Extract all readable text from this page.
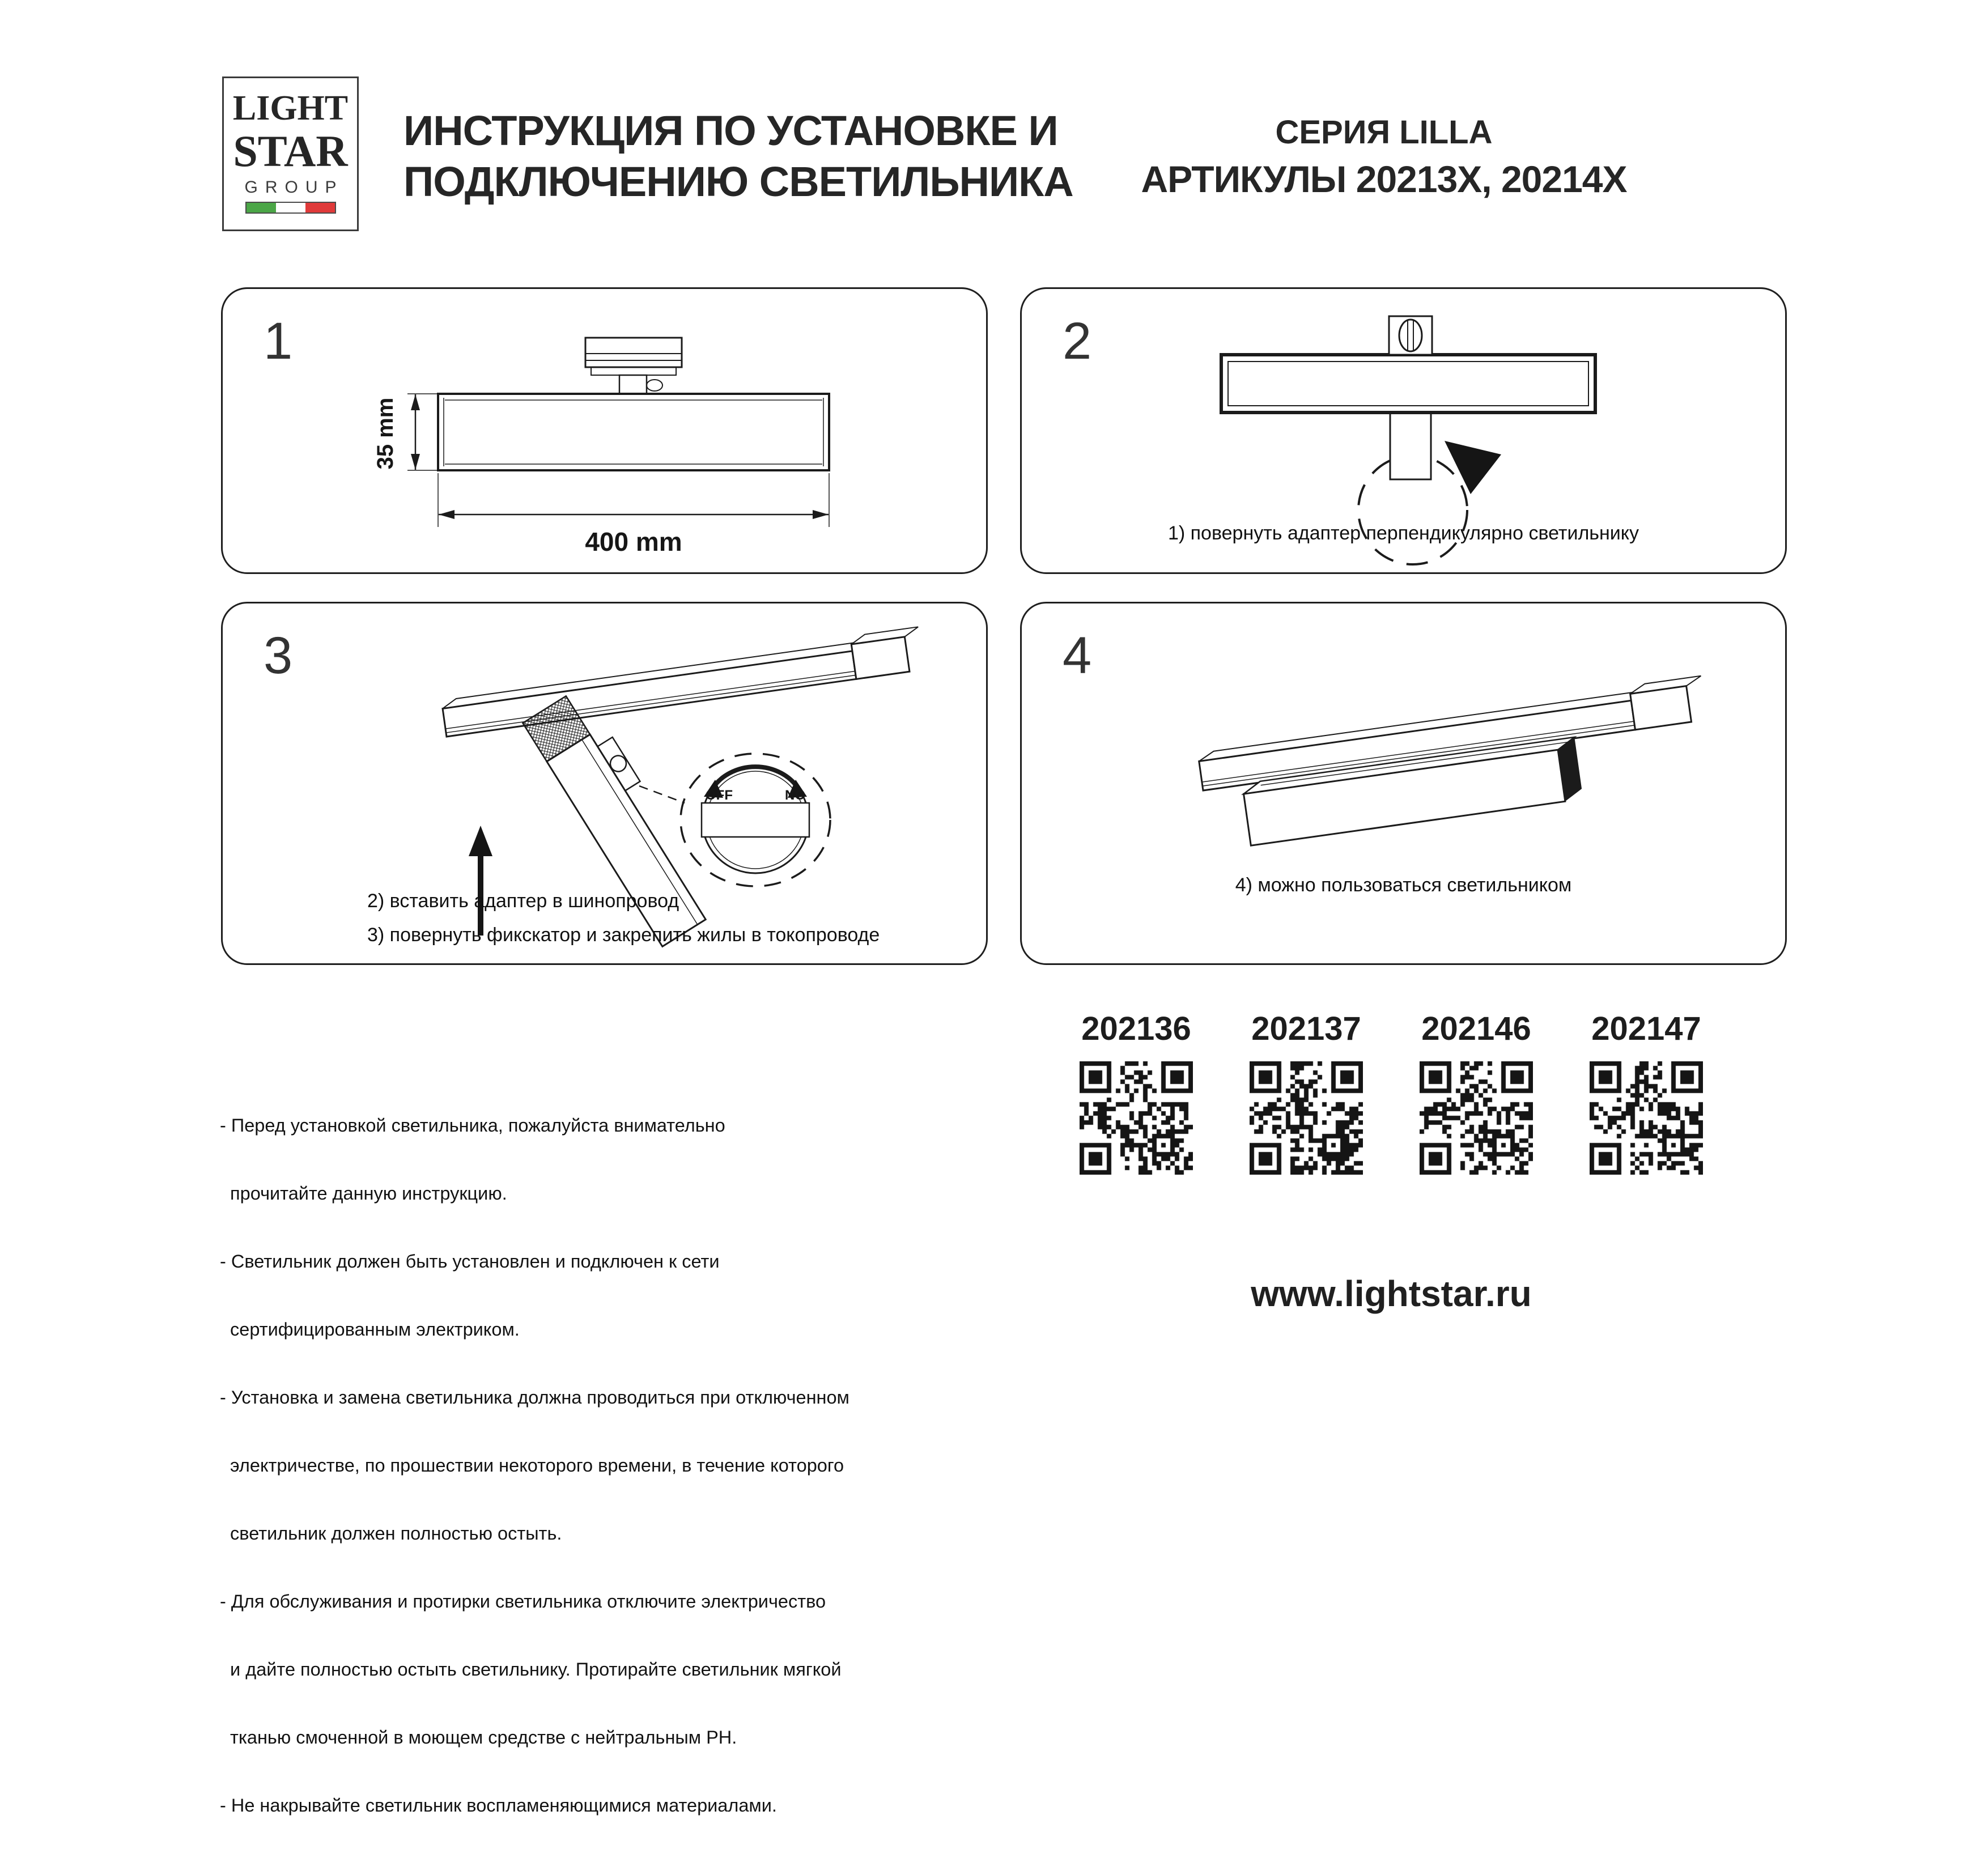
LIGHT
STAR
GROUP
ИНСТРУКЦИЯ ПО УСТАНОВКЕ И
ПОДКЛЮЧЕНИЮ СВЕТИЛЬНИКА
СЕРИЯ LILLA
АРТИКУЛЫ 20213X, 20214X
1
35 mm
400 mm
2
1) повернуть адаптер перпендикулярно светильнику
3
OFF	NO
2) вставить адаптер в шинопровод
3) повернуть фикскатор и закрепить жилы в токопроводе
4
4) можно пользоваться светильником

- Перед установкой светильника, пожалуйста внимательно

прочитайте данную инструкцию.

- Светильник должен быть установлен и подключен к сети

сертифицированным электриком.

- Установка и замена светильника должна проводиться при отключенном

электричестве, по прошествии некоторого времени, в течение которого

светильник должен полностью остыть.

- Для обслуживания и протирки светильника отключите электричество

и дайте полностью остыть светильнику. Протирайте светильник мягкой

тканью смоченной в моющем средстве с нейтральным PH.

- Не накрывайте светильник воспламеняющимися материалами.

202136	202137	202146	202147
www.lightstar.ru
